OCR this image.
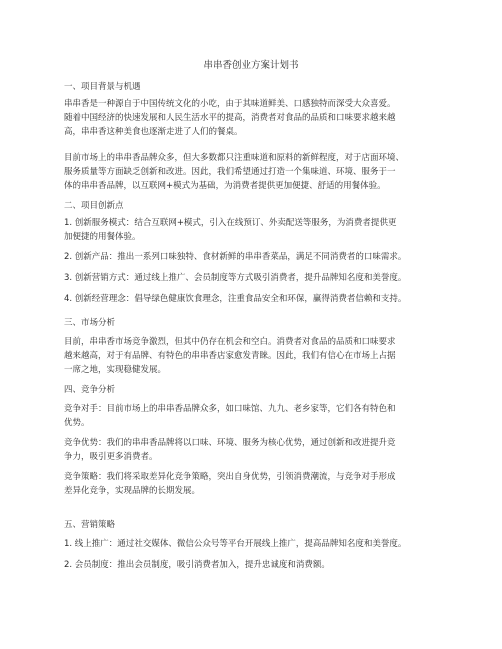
串串香创业方案计划书
一、项目背景与机遇
串串香是一种源自于中国传统文化的小吃，由于其味道鲜美、口感独特而深受大众喜爱。
随着中国经济的快速发展和人民生活水平的提高，消费者对食品的品质和口味要求越来越
高，串串香这种美食也逐渐走进了人们的餐桌。
目前市场上的串串香品牌众多，但大多数都只注重味道和原料的新鲜程度，对于店面环境、
服务质量等方面缺乏创新和改进。因此，我们希望通过打造一个集味道、环境、服务于一
体的串串香品牌，以互联网+模式为基础，为消费者提供更加便捷、舒适的用餐体验。
二、项目创新点
1. 创新服务模式：结合互联网+模式，引入在线预订、外卖配送等服务，为消费者提供更
加便捷的用餐体验。
2. 创新产品：推出一系列口味独特、食材新鲜的串串香菜品，满足不同消费者的口味需求。
3. 创新营销方式：通过线上推广、会员制度等方式吸引消费者，提升品牌知名度和美誉度。
4. 创新经营理念：倡导绿色健康饮食理念，注重食品安全和环保，赢得消费者信赖和支持。
三、市场分析
目前，串串香市场竞争激烈，但其中仍存在机会和空白。消费者对食品的品质和口味要求
越来越高，对于有品牌、有特色的串串香店家愈发青睐。因此，我们有信心在市场上占据
一席之地，实现稳健发展。
四、竞争分析
竞争对手：目前市场上的串串香品牌众多，如口味馆、九九、老乡家等，它们各有特色和
优势。
竞争优势：我们的串串香品牌将以口味、环境、服务为核心优势，通过创新和改进提升竞
争力，吸引更多消费者。
竞争策略：我们将采取差异化竞争策略，突出自身优势，引领消费潮流，与竞争对手形成
差异化竞争，实现品牌的长期发展。
五、营销策略
1. 线上推广：通过社交媒体、微信公众号等平台开展线上推广，提高品牌知名度和美誉度。
2. 会员制度：推出会员制度，吸引消费者加入，提升忠诚度和消费额。
